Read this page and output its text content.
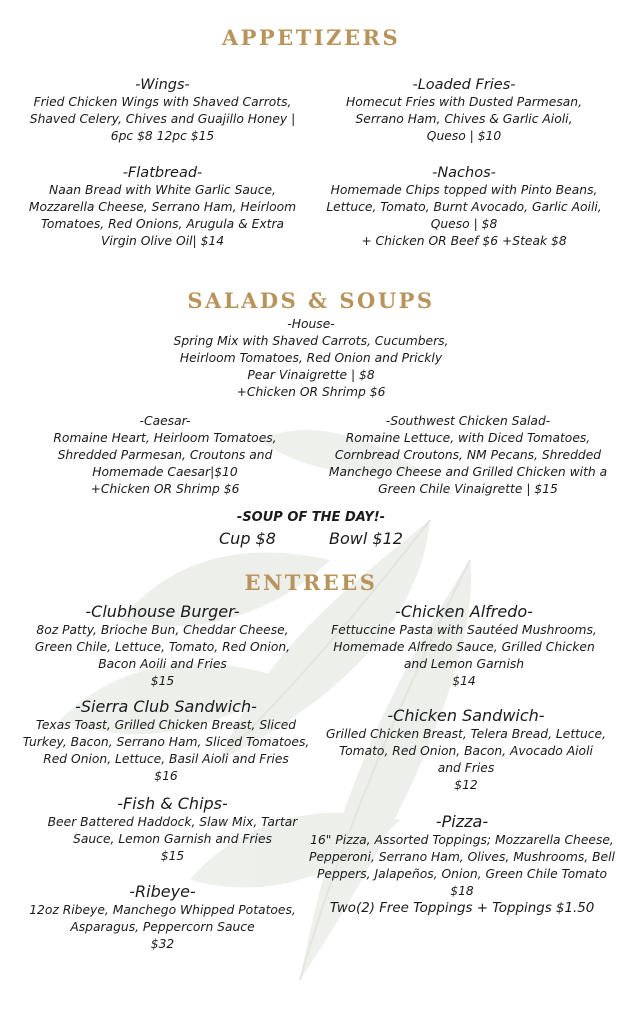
APPETIZERS
-Wings-
Fried Chicken Wings with Shaved Carrots,
Shaved Celery, Chives and Guajillo Honey |
6pc $8 12pc $15
-Loaded Fries-
Homecut Fries with Dusted Parmesan,
Serrano Ham, Chives & Garlic Aioli,
Queso | $10
-Flatbread-
Naan Bread with White Garlic Sauce,
Mozzarella Cheese, Serrano Ham, Heirloom
Tomatoes, Red Onions, Arugula & Extra
Virgin Olive Oil| $14
-Nachos-
Homemade Chips topped with Pinto Beans,
Lettuce, Tomato, Burnt Avocado, Garlic Aoili,
Queso | $8
+ Chicken OR Beef $6 +Steak $8
SALADS & SOUPS
-House-
Spring Mix with Shaved Carrots, Cucumbers,
Heirloom Tomatoes, Red Onion and Prickly
Pear Vinaigrette | $8
+Chicken OR Shrimp $6
-Caesar-
Romaine Heart, Heirloom Tomatoes,
Shredded Parmesan, Croutons and
Homemade Caesar|$10
+Chicken OR Shrimp $6
-Southwest Chicken Salad-
Romaine Lettuce, with Diced Tomatoes,
Cornbread Croutons, NM Pecans, Shredded
Manchego Cheese and Grilled Chicken with a
Green Chile Vinaigrette | $15
-SOUP OF THE DAY!-
Cup $8	Bowl $12
ENTREES
-Clubhouse Burger-
8oz Patty, Brioche Bun, Cheddar Cheese,
Green Chile, Lettuce, Tomato, Red Onion,
Bacon Aoili and Fries
$15
-Chicken Alfredo-
Fettuccine Pasta with Sautéed Mushrooms,
Homemade Alfredo Sauce, Grilled Chicken
and Lemon Garnish
$14
-Sierra Club Sandwich-
Texas Toast, Grilled Chicken Breast, Sliced
Turkey, Bacon, Serrano Ham, Sliced Tomatoes,
Red Onion, Lettuce, Basil Aioli and Fries
$16
-Chicken Sandwich-
Grilled Chicken Breast, Telera Bread, Lettuce,
Tomato, Red Onion, Bacon, Avocado Aioli
and Fries
$12
-Fish & Chips-
Beer Battered Haddock, Slaw Mix, Tartar
Sauce, Lemon Garnish and Fries
$15
-Pizza-
16" Pizza, Assorted Toppings; Mozzarella Cheese,
Pepperoni, Serrano Ham, Olives, Mushrooms, Bell
Peppers, Jalapeños, Onion, Green Chile Tomato
$18
Two(2) Free Toppings + Toppings $1.50
-Ribeye-
12oz Ribeye, Manchego Whipped Potatoes,
Asparagus, Peppercorn Sauce
$32
